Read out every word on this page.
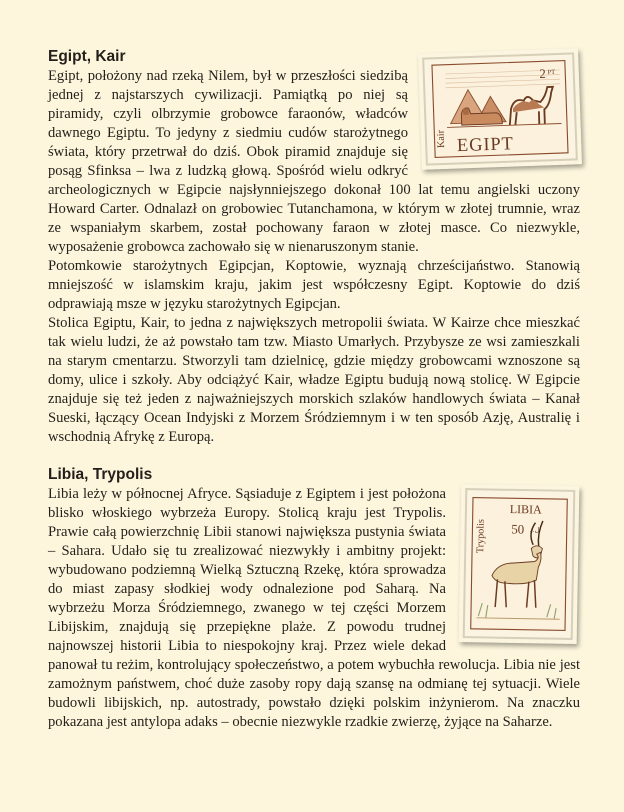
Kair EGIPT
2 PT
Egipt, Kair

Egipt, położony nad rzeką Nilem, był w przeszłości siedzibą jednej z najstarszych cywilizacji. Pamiątką po niej są piramidy, czyli olbrzymie grobowce faraonów, władców dawnego Egiptu. To jedyny z siedmiu cudów starożytnego świata, który przetrwał do dziś. Obok piramid znajduje się posąg Sfinksa – lwa z ludzką głową. Spośród wielu odkryć archeologicznych w Egipcie najsłynniejszego dokonał 100 lat temu angielski uczony Howard Carter. Odnalazł on grobowiec Tutanchamona, w którym w złotej trumnie, wraz ze wspaniałym skarbem, został pochowany faraon w złotej masce. Co niezwykle, wyposażenie grobowca zachowało się w nienaruszonym stanie.

Potomkowie starożytnych Egipcjan, Koptowie, wyznają chrześcijaństwo. Stanowią mniejszość w islamskim kraju, jakim jest współczesny Egipt. Koptowie do dziś odprawiają msze w języku starożytnych Egipcjan.

Stolica Egiptu, Kair, to jedna z największych metropolii świata. W Kairze chce mieszkać tak wielu ludzi, że aż powstało tam tzw. Miasto Umarłych. Przybysze ze wsi zamieszkali na starym cmentarzu. Stworzyli tam dzielnicę, gdzie między grobowcami wznoszone są domy, ulice i szkoły. Aby odciążyć Kair, władze Egiptu budują nową stolicę. W Egipcie znajduje się też jeden z najważniejszych morskich szlaków handlowych świata – Kanał Sueski, łączący Ocean Indyjski z Morzem Śródziemnym i w ten sposób Azję, Australię i wschodnią Afrykę z Europą.

LIBIA
Trypolis 50 ل.د
Libia, Trypolis

Libia leży w północnej Afryce. Sąsiaduje z Egiptem i jest położona blisko włoskiego wybrzeża Europy. Stolicą kraju jest Trypolis. Prawie całą powierzchnię Libii stanowi największa pustynia świata – Sahara. Udało się tu zrealizować niezwykły i ambitny projekt: wybudowano podziemną Wielką Sztuczną Rzekę, która sprowadza do miast zapasy słodkiej wody odnalezione pod Saharą. Na wybrzeżu Morza Śródziemnego, zwanego w tej części Morzem Libijskim, znajdują się przepiękne plaże. Z powodu trudnej najnowszej historii Libia to niespokojny kraj. Przez wiele dekad panował tu reżim, kontrolujący społeczeństwo, a potem wybuchła rewolucja. Libia nie jest zamożnym państwem, choć duże zasoby ropy dają szansę na odmianę tej sytuacji. Wiele budowli libijskich, np. autostrady, powstało dzięki polskim inżynierom. Na znaczku pokazana jest antylopa adaks – obecnie niezwykle rzadkie zwierzę, żyjące na Saharze.
